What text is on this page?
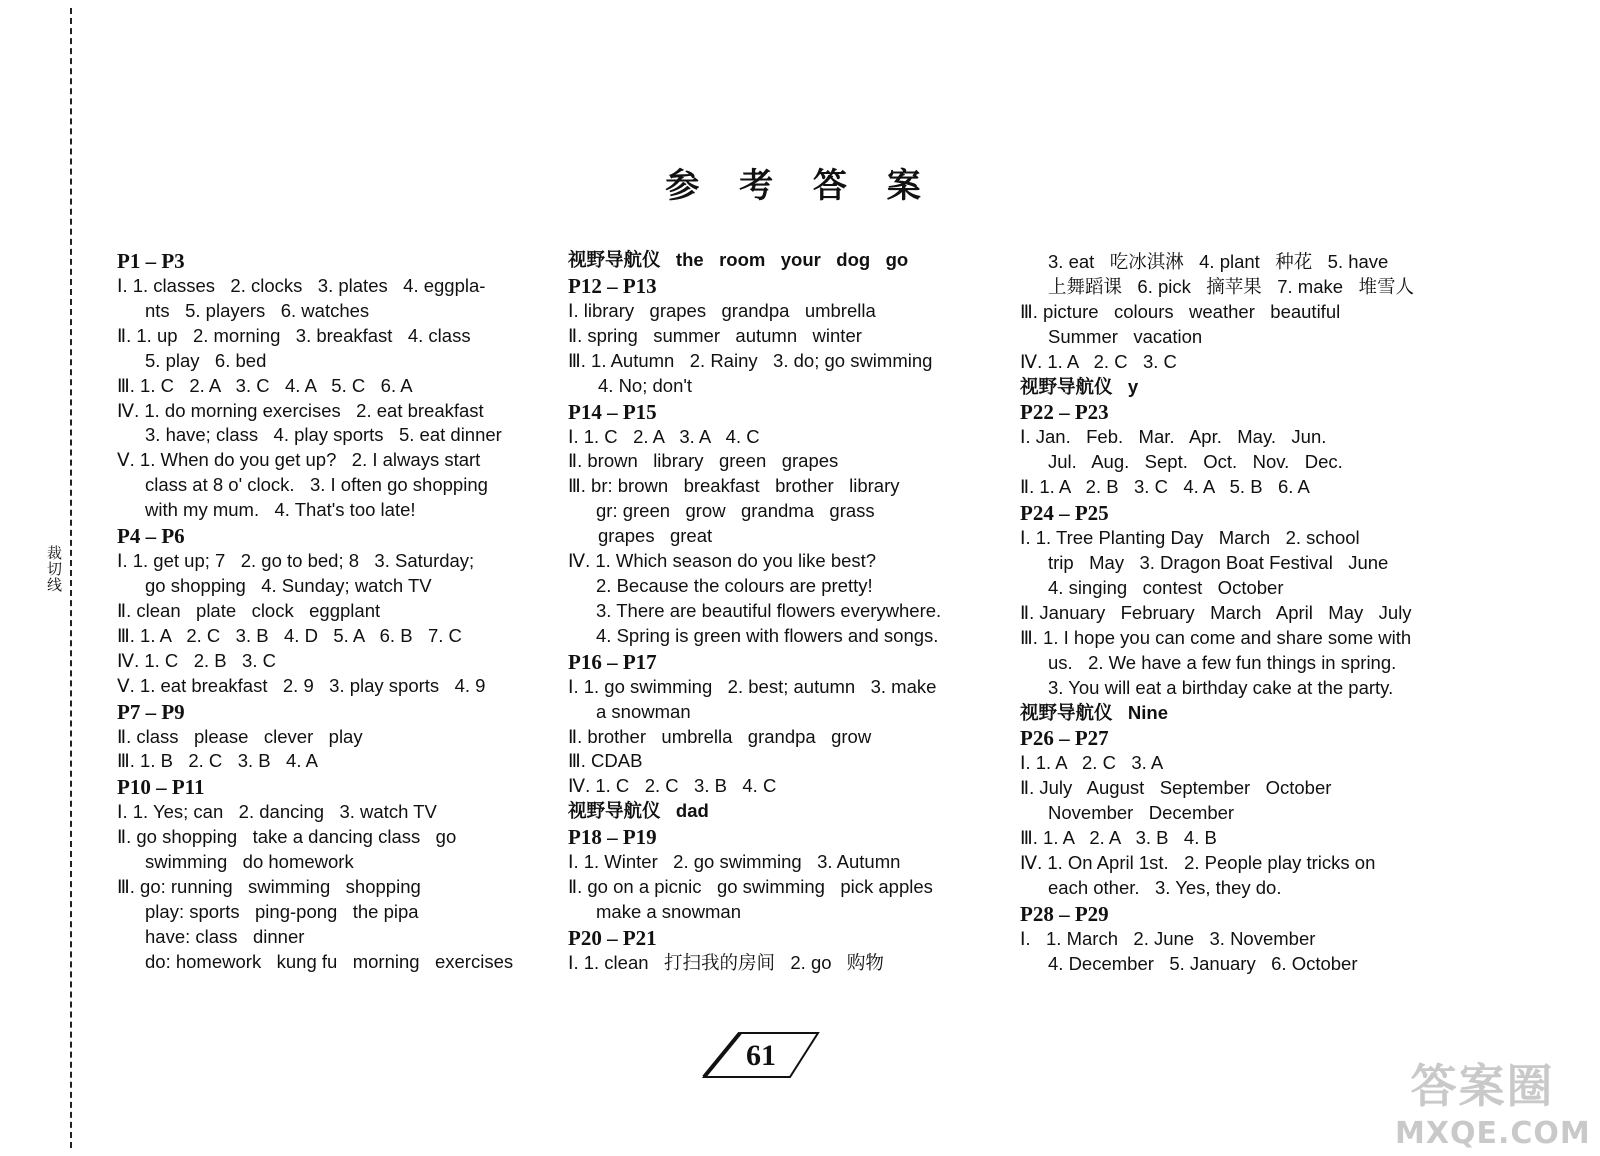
裁切线
参 考 答 案
P1 – P3
Ⅰ. 1. classes   2. clocks   3. plates   4. eggpla-
nts   5. players   6. watches
Ⅱ. 1. up   2. morning   3. breakfast   4. class
5. play   6. bed
Ⅲ. 1. C   2. A   3. C   4. A   5. C   6. A
Ⅳ. 1. do morning exercises   2. eat breakfast
3. have; class   4. play sports   5. eat dinner
Ⅴ. 1. When do you get up?   2. I always start
class at 8 o' clock.   3. I often go shopping
with my mum.   4. That's too late!
P4 – P6
Ⅰ. 1. get up; 7   2. go to bed; 8   3. Saturday;
go shopping   4. Sunday; watch TV
Ⅱ. clean   plate   clock   eggplant
Ⅲ. 1. A   2. C   3. B   4. D   5. A   6. B   7. C
Ⅳ. 1. C   2. B   3. C
Ⅴ. 1. eat breakfast   2. 9   3. play sports   4. 9
P7 – P9
Ⅱ. class   please   clever   play
Ⅲ. 1. B   2. C   3. B   4. A
P10 – P11
Ⅰ. 1. Yes; can   2. dancing   3. watch TV
Ⅱ. go shopping   take a dancing class   go
swimming   do homework
Ⅲ. go: running   swimming   shopping
play: sports   ping-pong   the pipa
have: class   dinner
do: homework   kung fu   morning   exercises
视野导航仪   the   room   your   dog   go
P12 – P13
Ⅰ. library   grapes   grandpa   umbrella
Ⅱ. spring   summer   autumn   winter
Ⅲ. 1. Autumn   2. Rainy   3. do; go swimming
4. No; don't
P14 – P15
Ⅰ. 1. C   2. A   3. A   4. C
Ⅱ. brown   library   green   grapes
Ⅲ. br: brown   breakfast   brother   library
gr: green   grow   grandma   grass
grapes   great
Ⅳ. 1. Which season do you like best?
2. Because the colours are pretty!
3. There are beautiful flowers everywhere.
4. Spring is green with flowers and songs.
P16 – P17
Ⅰ. 1. go swimming   2. best; autumn   3. make
a snowman
Ⅱ. brother   umbrella   grandpa   grow
Ⅲ. CDAB
Ⅳ. 1. C   2. C   3. B   4. C
视野导航仪   dad
P18 – P19
Ⅰ. 1. Winter   2. go swimming   3. Autumn
Ⅱ. go on a picnic   go swimming   pick apples
make a snowman
P20 – P21
Ⅰ. 1. clean   打扫我的房间   2. go   购物
3. eat   吃冰淇淋   4. plant   种花   5. have
上舞蹈课   6. pick   摘苹果   7. make   堆雪人
Ⅲ. picture   colours   weather   beautiful
Summer   vacation
Ⅳ. 1. A   2. C   3. C
视野导航仪   y
P22 – P23
Ⅰ. Jan.   Feb.   Mar.   Apr.   May.   Jun.
Jul.   Aug.   Sept.   Oct.   Nov.   Dec.
Ⅱ. 1. A   2. B   3. C   4. A   5. B   6. A
P24 – P25
Ⅰ. 1. Tree Planting Day   March   2. school
trip   May   3. Dragon Boat Festival   June
4. singing   contest   October
Ⅱ. January   February   March   April   May   July
Ⅲ. 1. I hope you can come and share some with
us.   2. We have a few fun things in spring.
3. You will eat a birthday cake at the party.
视野导航仪   Nine
P26 – P27
Ⅰ. 1. A   2. C   3. A
Ⅱ. July   August   September   October
November   December
Ⅲ. 1. A   2. A   3. B   4. B
Ⅳ. 1. On April 1st.   2. People play tricks on
each other.   3. Yes, they do.
P28 – P29
Ⅰ.   1. March   2. June   3. November
4. December   5. January   6. October
61
答案圈
MXQE.COM
